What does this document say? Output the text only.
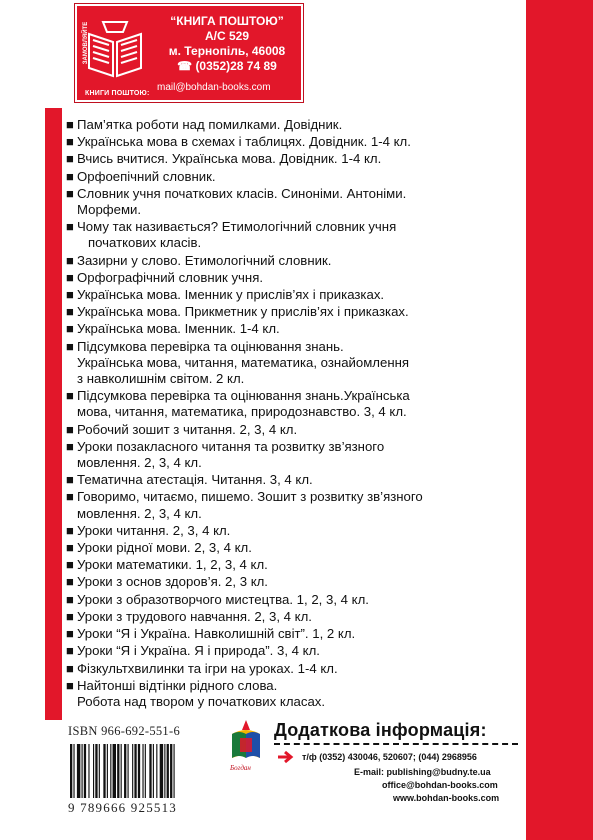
ЗАМОВЛЯЙТЕ
КНИГИ ПОШТОЮ:
“КНИГА ПОШТОЮ”
А/С 529
м. Тернопіль, 46008
☎ (0352)28 74 89
mail@bohdan-books.com
■ Пам’ятка роботи над помилками. Довідник.
■ Українська мова в схемах і таблицях. Довідник. 1-4 кл.
■ Вчись вчитися. Українська мова. Довідник. 1-4 кл.
■ Орфоепічний словник.
■ Словник учня початкових класів. Синоніми. Антоніми.
Морфеми.
■ Чому так називається? Етимологічний словник учня
початкових класів.
■ Зазирни у слово. Етимологічний словник.
■ Орфографічний словник учня.
■ Українська мова. Іменник у прислів’ях і приказках.
■ Українська мова. Прикметник у прислів’ях і приказках.
■ Українська мова. Іменник. 1-4 кл.
■ Підсумкова перевірка та оцінювання знань.
Українська мова, читання, математика, ознайомлення
з навколишнім світом. 2 кл.
■ Підсумкова перевірка та оцінювання знань.Українська
мова, читання, математика, природознавство. 3, 4 кл.
■ Робочий зошит з читання. 2, 3, 4 кл.
■ Уроки позакласного читання та розвитку зв’язного
мовлення. 2, 3, 4 кл.
■ Тематична атестація. Читання. 3, 4 кл.
■ Говоримо, читаємо, пишемо. Зошит з розвитку зв’язного
мовлення. 2, 3, 4 кл.
■ Уроки читання. 2, 3, 4 кл.
■ Уроки рідної мови. 2, 3, 4 кл.
■ Уроки математики. 1, 2, 3, 4 кл.
■ Уроки з основ здоров’я. 2, 3 кл.
■ Уроки з образотворчого мистецтва. 1, 2, 3, 4 кл.
■ Уроки з трудового навчання. 2, 3, 4 кл.
■ Уроки “Я і Україна. Навколишній світ”. 1, 2 кл.
■ Уроки “Я і Україна. Я і природа”. 3, 4 кл.
■ Фізкультхвилинки та ігри на уроках. 1-4 кл.
■ Найтонші відтінки рідного слова.
Робота над твором у початкових класах.
ISBN 966-692-551-6
9 789666 925513
Богдан
Додаткова інформація:
т/ф (0352) 430046, 520607; (044) 2968956
E-mail: publishing@budny.te.ua
office@bohdan-books.com
www.bohdan-books.com
